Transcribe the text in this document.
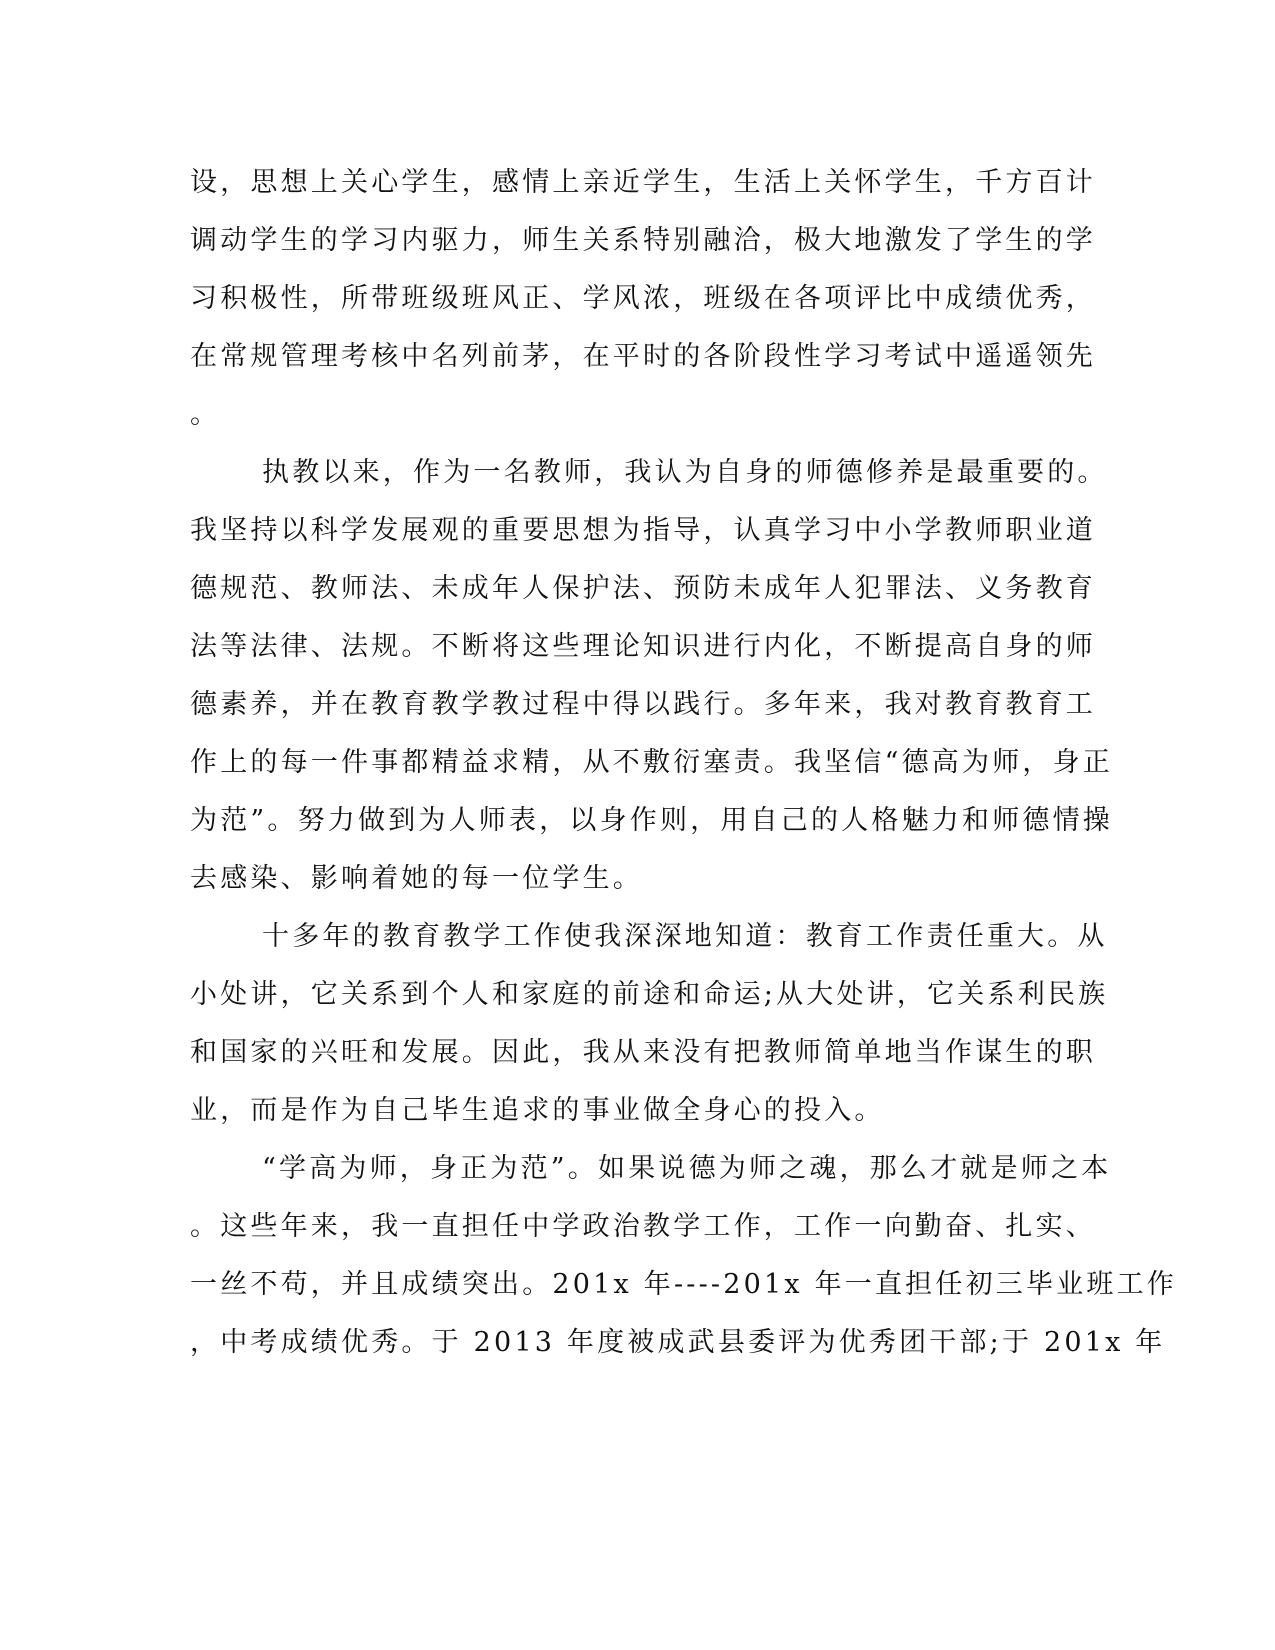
设，思想上关心学生，感情上亲近学生，生活上关怀学生，千方百计
调动学生的学习内驱力，师生关系特别融洽，极大地激发了学生的学
习积极性，所带班级班风正、学风浓，班级在各项评比中成绩优秀，
在常规管理考核中名列前茅，在平时的各阶段性学习考试中遥遥领先
。
执教以来，作为一名教师，我认为自身的师德修养是最重要的。
我坚持以科学发展观的重要思想为指导，认真学习中小学教师职业道
德规范、教师法、未成年人保护法、预防未成年人犯罪法、义务教育
法等法律、法规。不断将这些理论知识进行内化，不断提高自身的师
德素养，并在教育教学教过程中得以践行。多年来，我对教育教育工
作上的每一件事都精益求精，从不敷衍塞责。我坚信“德高为师，身正
为范”。努力做到为人师表，以身作则，用自己的人格魅力和师德情操
去感染、影响着她的每一位学生。
十多年的教育教学工作使我深深地知道：教育工作责任重大。从
小处讲，它关系到个人和家庭的前途和命运;从大处讲，它关系利民族
和国家的兴旺和发展。因此，我从来没有把教师简单地当作谋生的职
业，而是作为自己毕生追求的事业做全身心的投入。
“学高为师，身正为范”。如果说德为师之魂，那么才就是师之本
。这些年来，我一直担任中学政治教学工作，工作一向勤奋、扎实、
一丝不苟，并且成绩突出。201x 年----201x 年一直担任初三毕业班工作
，中考成绩优秀。于 2013 年度被成武县委评为优秀团干部;于 201x 年
